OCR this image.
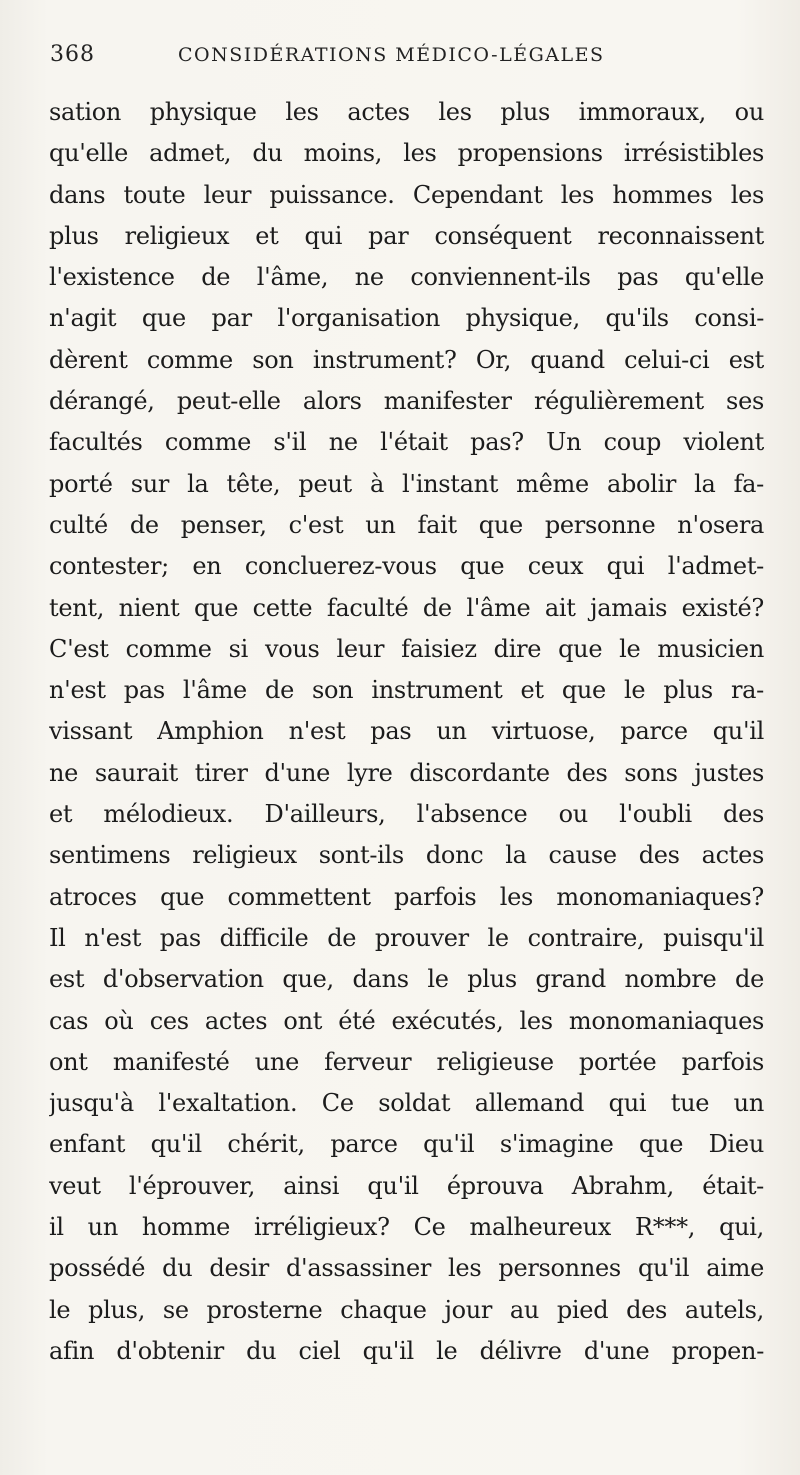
368	CONSIDÉRATIONS MÉDICO-LÉGALES
sation physique les actes les plus immoraux, ou
qu'elle admet, du moins, les propensions irrésistibles
dans toute leur puissance. Cependant les hommes les
plus religieux et qui par conséquent reconnaissent
l'existence de l'âme, ne conviennent-ils pas qu'elle
n'agit que par l'organisation physique, qu'ils consi-
dèrent comme son instrument? Or, quand celui-ci est
dérangé, peut-elle alors manifester régulièrement ses
facultés comme s'il ne l'était pas? Un coup violent
porté sur la tête, peut à l'instant même abolir la fa-
culté de penser, c'est un fait que personne n'osera
contester; en concluerez-vous que ceux qui l'admet-
tent, nient que cette faculté de l'âme ait jamais existé?
C'est comme si vous leur faisiez dire que le musicien
n'est pas l'âme de son instrument et que le plus ra-
vissant Amphion n'est pas un virtuose, parce qu'il
ne saurait tirer d'une lyre discordante des sons justes
et mélodieux. D'ailleurs, l'absence ou l'oubli des
sentimens religieux sont-ils donc la cause des actes
atroces que commettent parfois les monomaniaques?
Il n'est pas difficile de prouver le contraire, puisqu'il
est d'observation que, dans le plus grand nombre de
cas où ces actes ont été exécutés, les monomaniaques
ont manifesté une ferveur religieuse portée parfois
jusqu'à l'exaltation. Ce soldat allemand qui tue un
enfant qu'il chérit, parce qu'il s'imagine que Dieu
veut l'éprouver, ainsi qu'il éprouva Abrahm, était-
il un homme irréligieux? Ce malheureux R***, qui,
possédé du desir d'assassiner les personnes qu'il aime
le plus, se prosterne chaque jour au pied des autels,
afin d'obtenir du ciel qu'il le délivre d'une propen-
